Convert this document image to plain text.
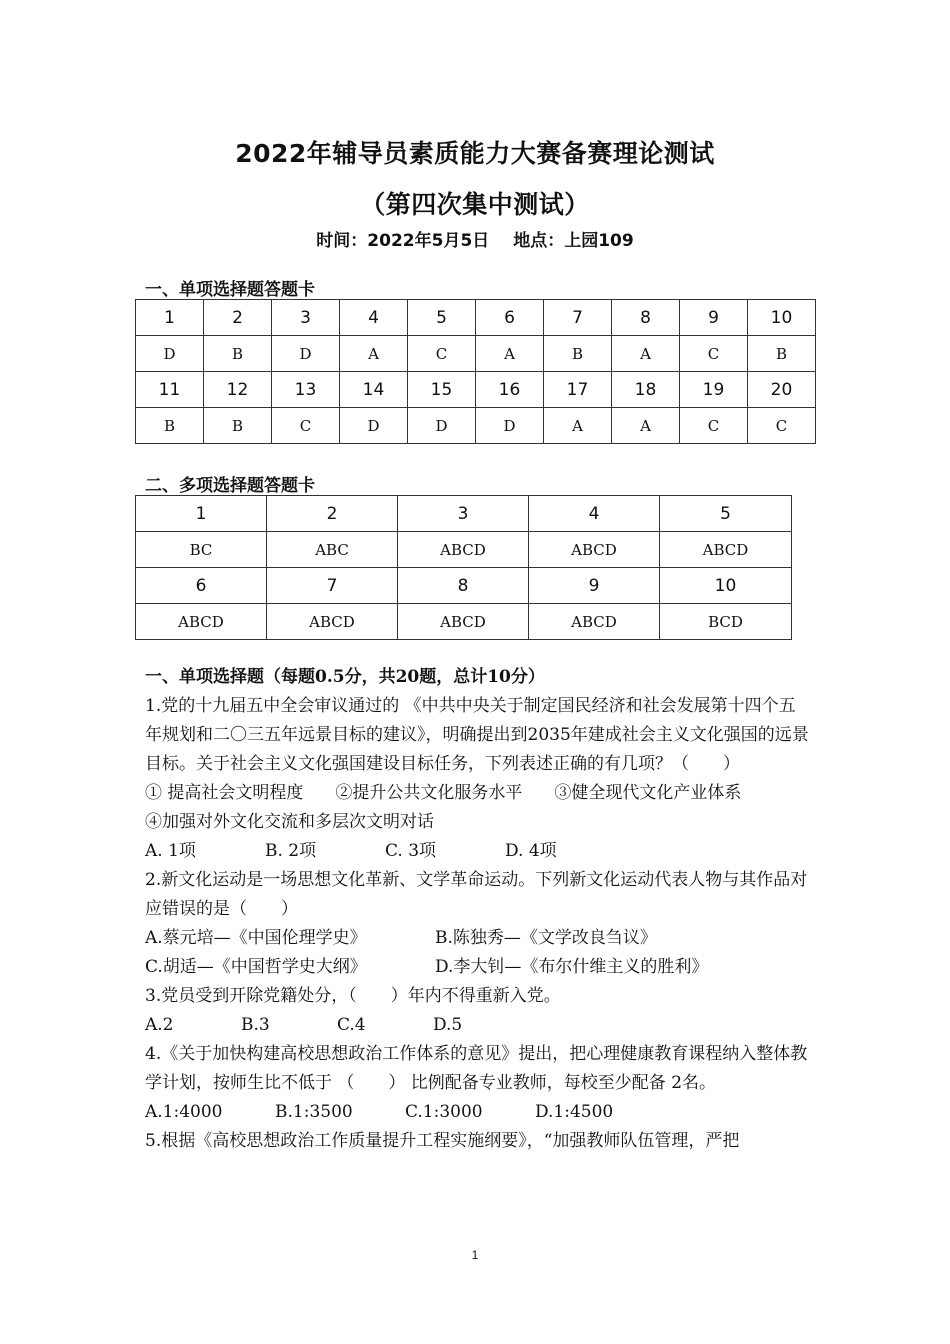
2022年辅导员素质能力大赛备赛理论测试
（第四次集中测试）
时间：2022年5月5日 地点：上园109
一、单项选择题答题卡
1	2	3	4	5	6	7	8	9	10
D	B	D	A	C	A	B	A	C	B
11	12	13	14	15	16	17	18	19	20
B	B	C	D	D	D	A	A	C	C
二、多项选择题答题卡
1	2	3	4	5
BC	ABC	ABCD	ABCD	ABCD
6	7	8	9	10
ABCD	ABCD	ABCD	ABCD	BCD

一、单项选择题（每题0.5分，共20题，总计10分）

1.党的十九届五中全会审议通过的 《中共中央关于制定国民经济和社会发展第十四个五年规划和二〇三五年远景目标的建议》，明确提出到2035年建成社会主义文化强国的远景目标。关于社会主义文化强国建设目标任务，下列表述正确的有几项？（　　）

① 提高社会文明程度 ②提升公共文化服务水平 ③健全现代文化产业体系

④加强对外文化交流和多层次文明对话

A. 1项	B. 2项	C. 3项	D. 4项

2.新文化运动是一场思想文化革新、文学革命运动。下列新文化运动代表人物与其作品对应错误的是（　　）

A.蔡元培—《中国伦理学史》	B.陈独秀—《文学改良刍议》

C.胡适—《中国哲学史大纲》	D.李大钊—《布尔什维主义的胜利》

3.党员受到开除党籍处分，（　　）年内不得重新入党。

A.2	B.3	C.4	D.5

4.《关于加快构建高校思想政治工作体系的意见》提出，把心理健康教育课程纳入整体教学计划，按师生比不低于 （　　） 比例配备专业教师，每校至少配备 2名。

A.1:4000	B.1:3500	C.1:3000	D.1:4500

5.根据《高校思想政治工作质量提升工程实施纲要》，“加强教师队伍管理，严把

1
